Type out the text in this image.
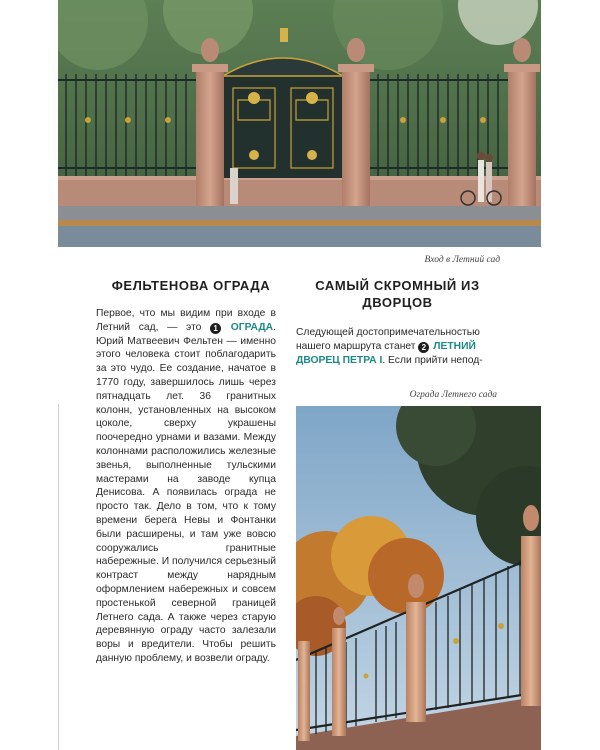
Вход в Летний сад
ФЕЛЬТЕНОВА ОГРАДА	САМЫЙ СКРОМНЫЙ ИЗ ДВОРЦОВ

Первое, что мы видим при входе в Летний сад, — это 1 ОГРАДА. Юрий Матвеевич Фельтен — именно этого человека стоит поблагодарить за это чудо. Ее создание, начатое в 1770 году, завершилось лишь через пятнадцать лет. 36 гранитных колонн, установленных на высоком цоколе, сверху украшены поочередно урнами и вазами. Между колоннами расположились железные звенья, выполненные тульскими мастерами на заводе купца Денисова. А появилась ограда не просто так. Дело в том, что к тому времени берега Невы и Фонтанки были расширены, и там уже вовсю сооружались гранитные набережные. И получился серьезный контраст между нарядным оформлением набережных и совсем простенькой северной границей Летнего сада. А также через старую деревянную ограду часто залезали воры и вредители. Чтобы решить данную проблему, и возвели ограду.

Следующей достопримечательностью нашего маршрута станет 2 ЛЕТНИЙ ДВОРЕЦ ПЕТРА I. Если прийти непод-

Ограда Летнего сада
